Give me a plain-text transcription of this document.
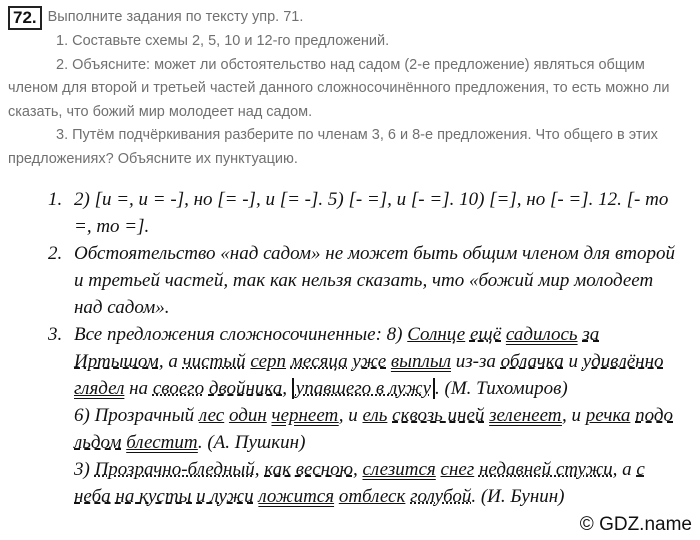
72. Выполните задания по тексту упр. 71.

1. Составьте схемы 2, 5, 10 и 12-го предложений.

2. Объясните: может ли обстоятельство над садом (2-е предложение) являться общим членом для второй и третьей частей данного сложносочинённого предложения, то есть можно ли сказать, что божий мир молодеет над садом.

3. Путём подчёркивания разберите по членам 3, 6 и 8-е предложения. Что общего в этих предложениях? Объясните их пунктуацию.

1. 2) [и =, и = -], но [= -], и [= -]. 5) [- =], и [- =]. 10) [=], но [- =]. 12. [- то =, то =].
2. Обстоятельство «над садом» не может быть общим членом для второй и третьей частей, так как нельзя сказать, что «божий мир молодеет над садом».
3. Все предложения сложносочиненные: 8) Солнце ещё садилось за Иртышом, а чистый серп месяца уже выплыл из-за облачка и удивлённо глядел на своего двойника, упавшего в лужу . (М. Тихомиров)
6) Прозрачный лес один чернеет, и ель сквозь иней зеленеет, и речка подо льдом блестит. (А. Пушкин)
3) Прозрачно-бледный, как весною, слезится снег недавней стужи, а с неба на кусты и лужи ложится отблеск голубой. (И. Бунин)
© GDZ.name
